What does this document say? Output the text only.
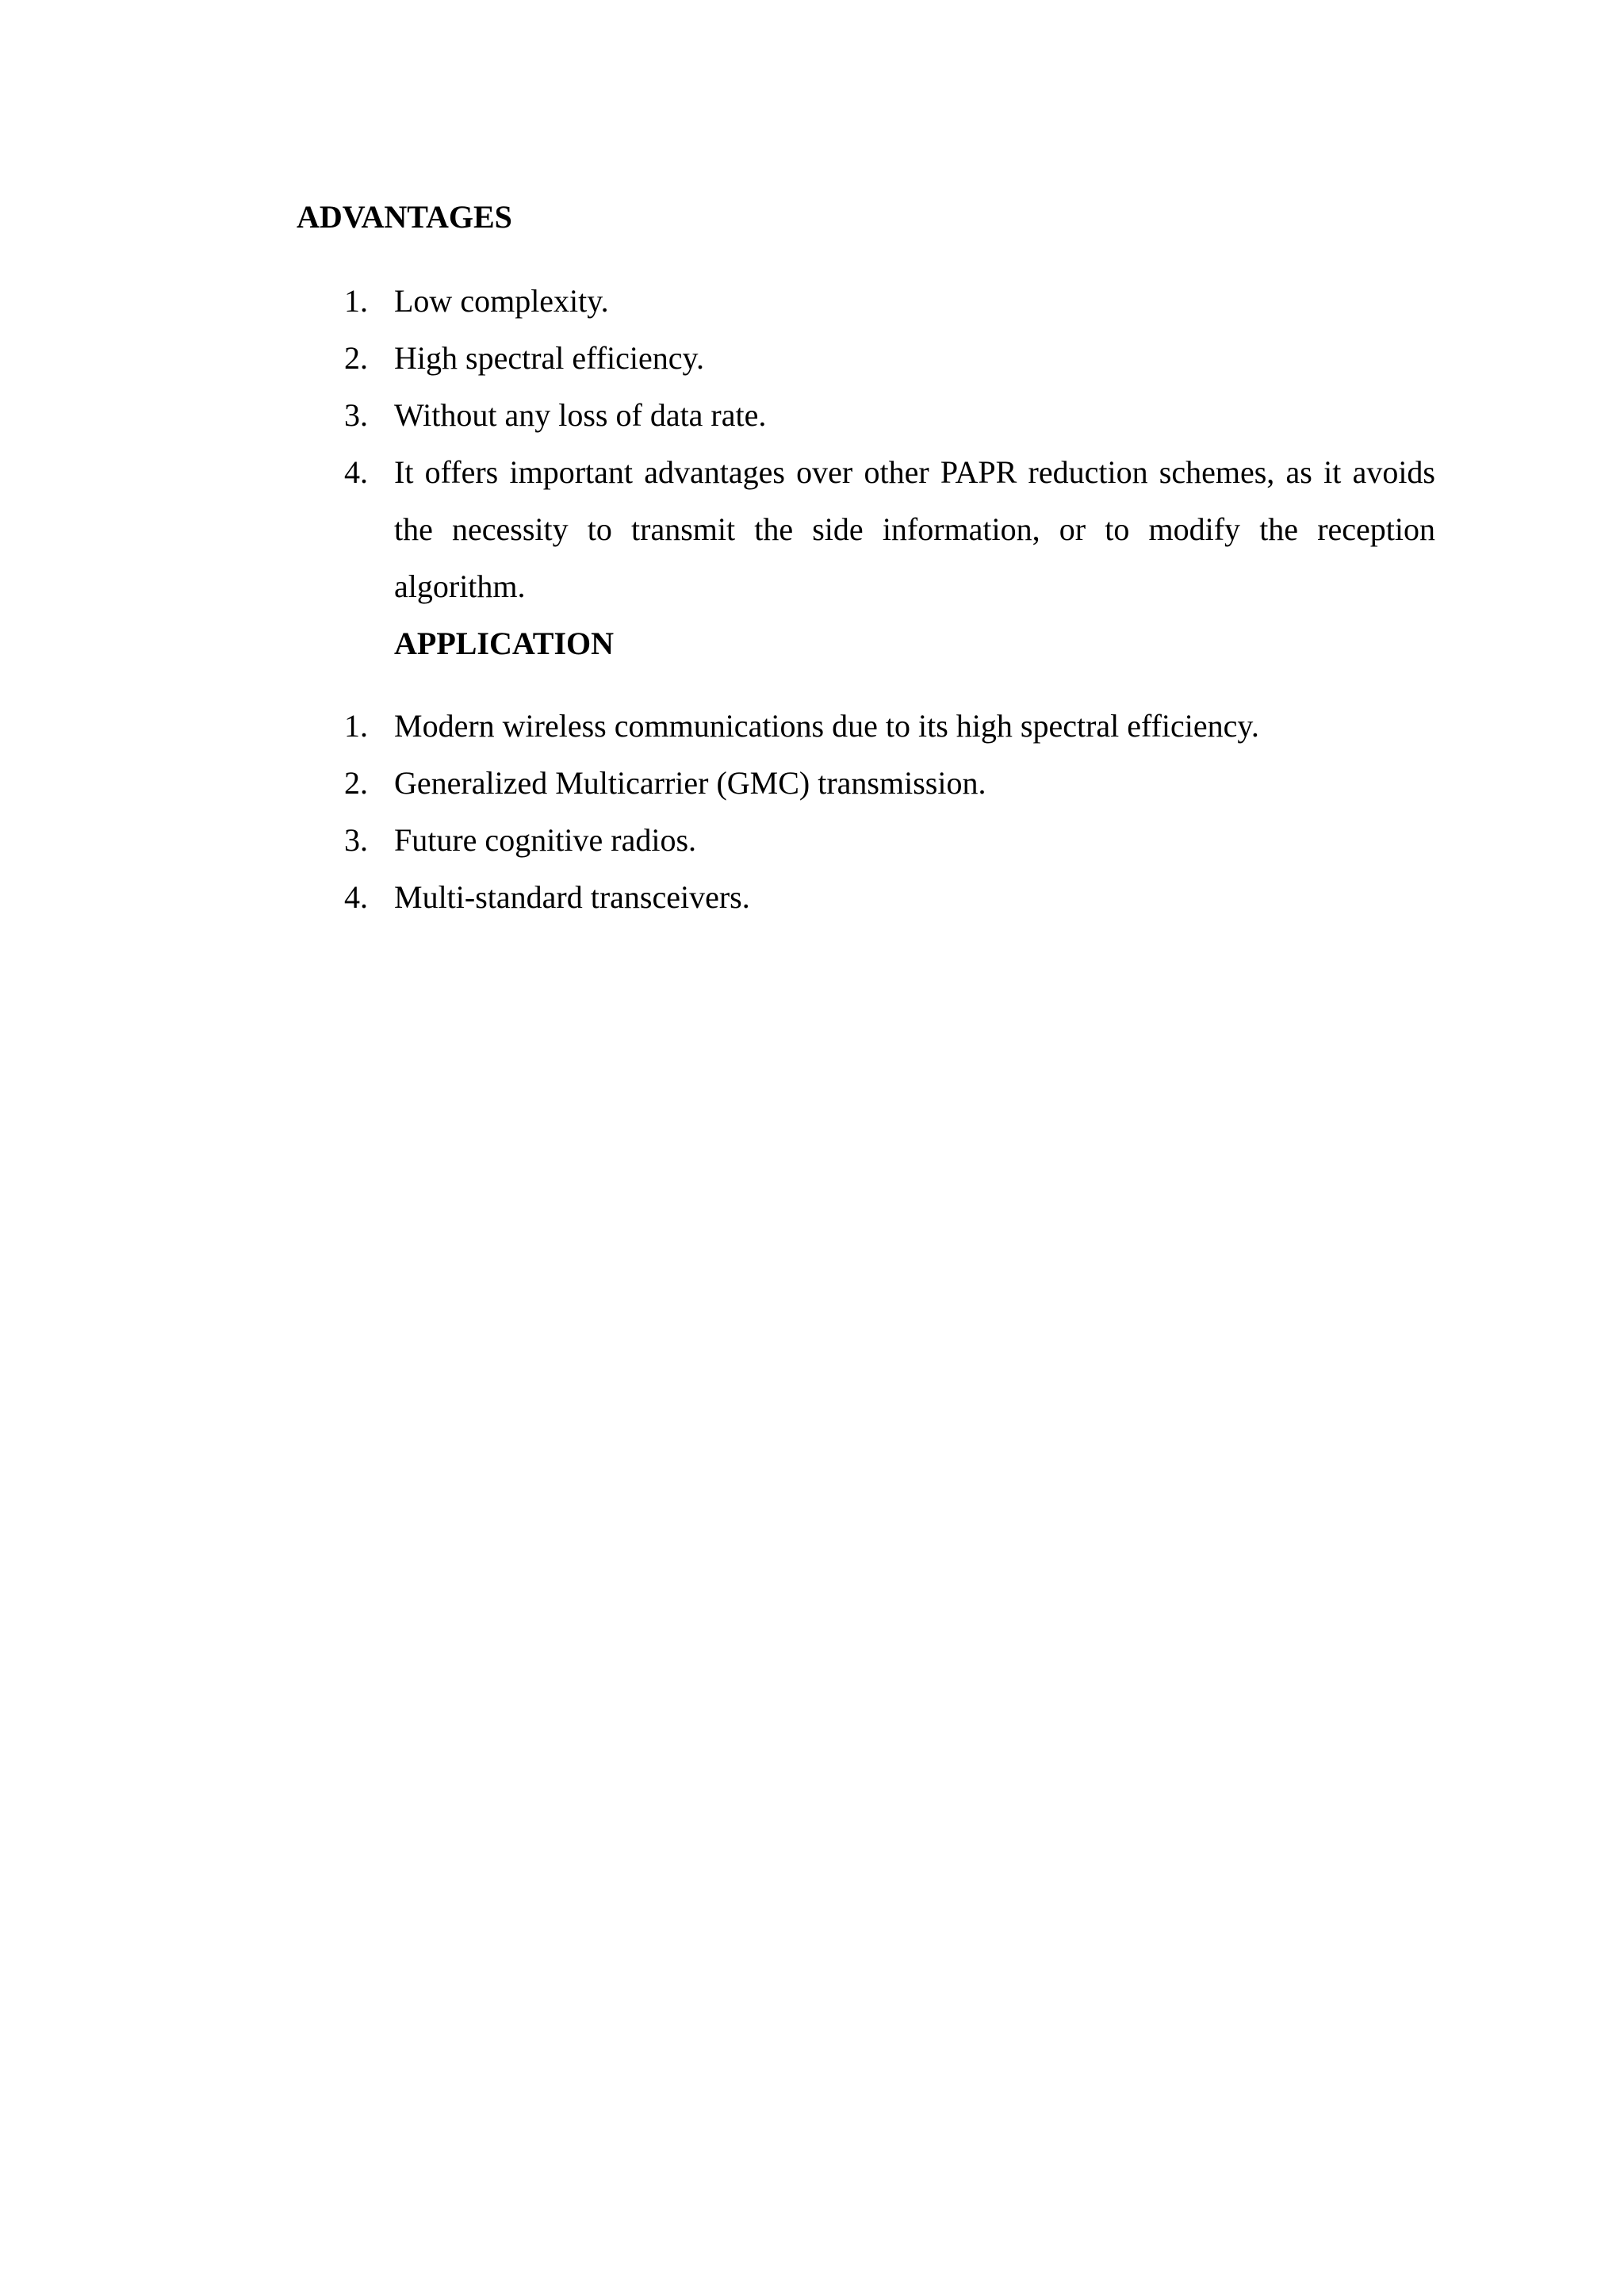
ADVANTAGES
1. Low complexity.
2. High spectral efficiency.
3. Without any loss of data rate.
4. It offers important advantages over other PAPR reduction schemes, as it avoids the necessity to transmit the side information, or to modify the reception algorithm.
APPLICATION
1. Modern wireless communications due to its high spectral efficiency.
2. Generalized Multicarrier (GMC) transmission.
3. Future cognitive radios.
4. Multi-standard transceivers.
